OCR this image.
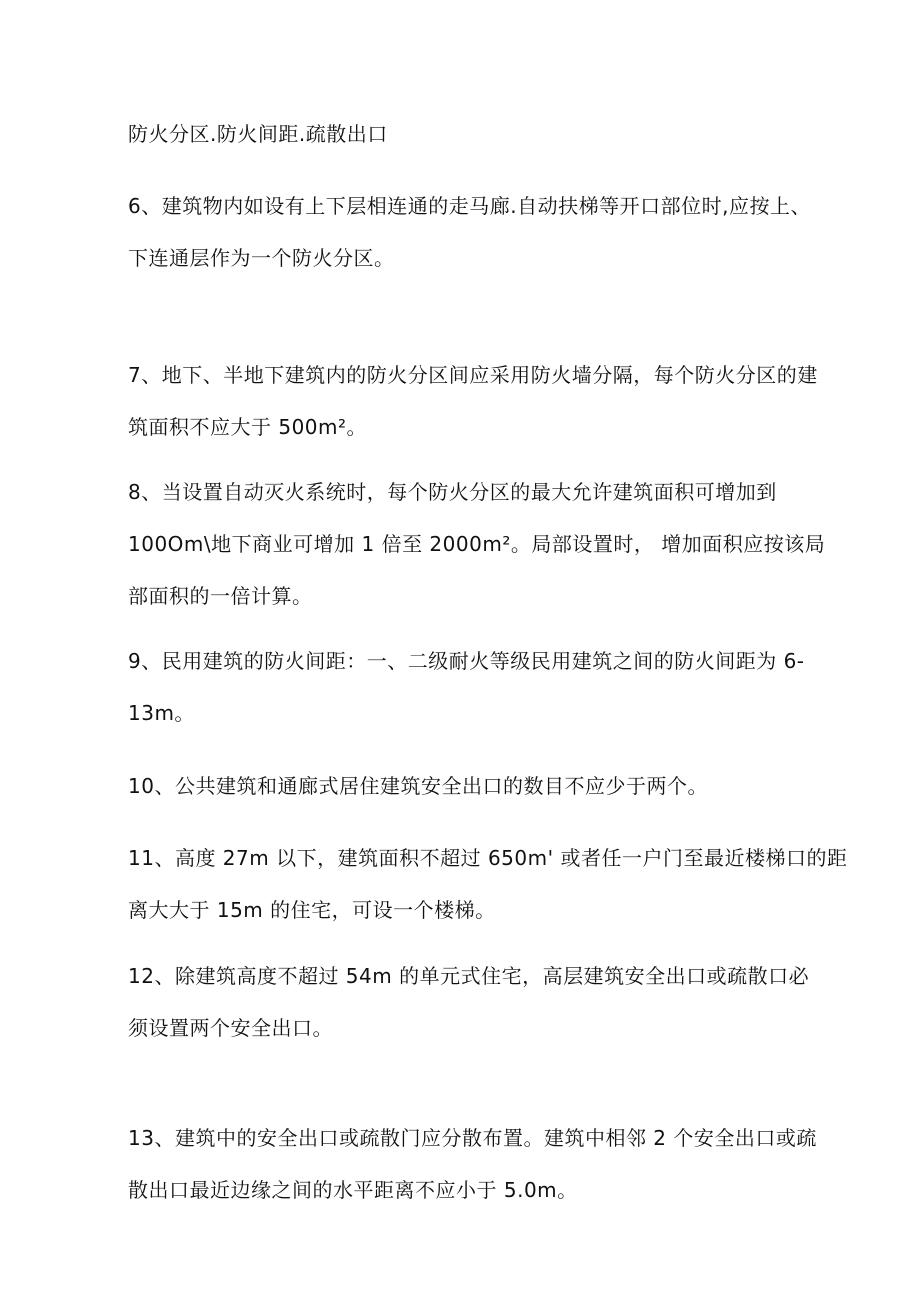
防火分区.防火间距.疏散出口

6、建筑物内如设有上下层相连通的走马廊.自动扶梯等开口部位时,应按上、
下连通层作为一个防火分区。

7、地下、半地下建筑内的防火分区间应采用防火墙分隔，每个防火分区的建
筑面积不应大于 500m²。

8、当设置自动灭火系统时，每个防火分区的最大允许建筑面积可增加到
100Om\地下商业可增加 1 倍至 2000m²。局部设置时， 增加面积应按该局
部面积的一倍计算。

9、民用建筑的防火间距：一、二级耐火等级民用建筑之间的防火间距为 6-
13m。

10、公共建筑和通廊式居住建筑安全出口的数目不应少于两个。

11、高度 27m 以下，建筑面积不超过 650m' 或者任一户门至最近楼梯口的距
离大大于 15m 的住宅，可设一个楼梯。

12、除建筑高度不超过 54m 的单元式住宅，高层建筑安全出口或疏散口必
须设置两个安全出口。

13、建筑中的安全出口或疏散门应分散布置。建筑中相邻 2 个安全出口或疏
散出口最近边缘之间的水平距离不应小于 5.0m。
